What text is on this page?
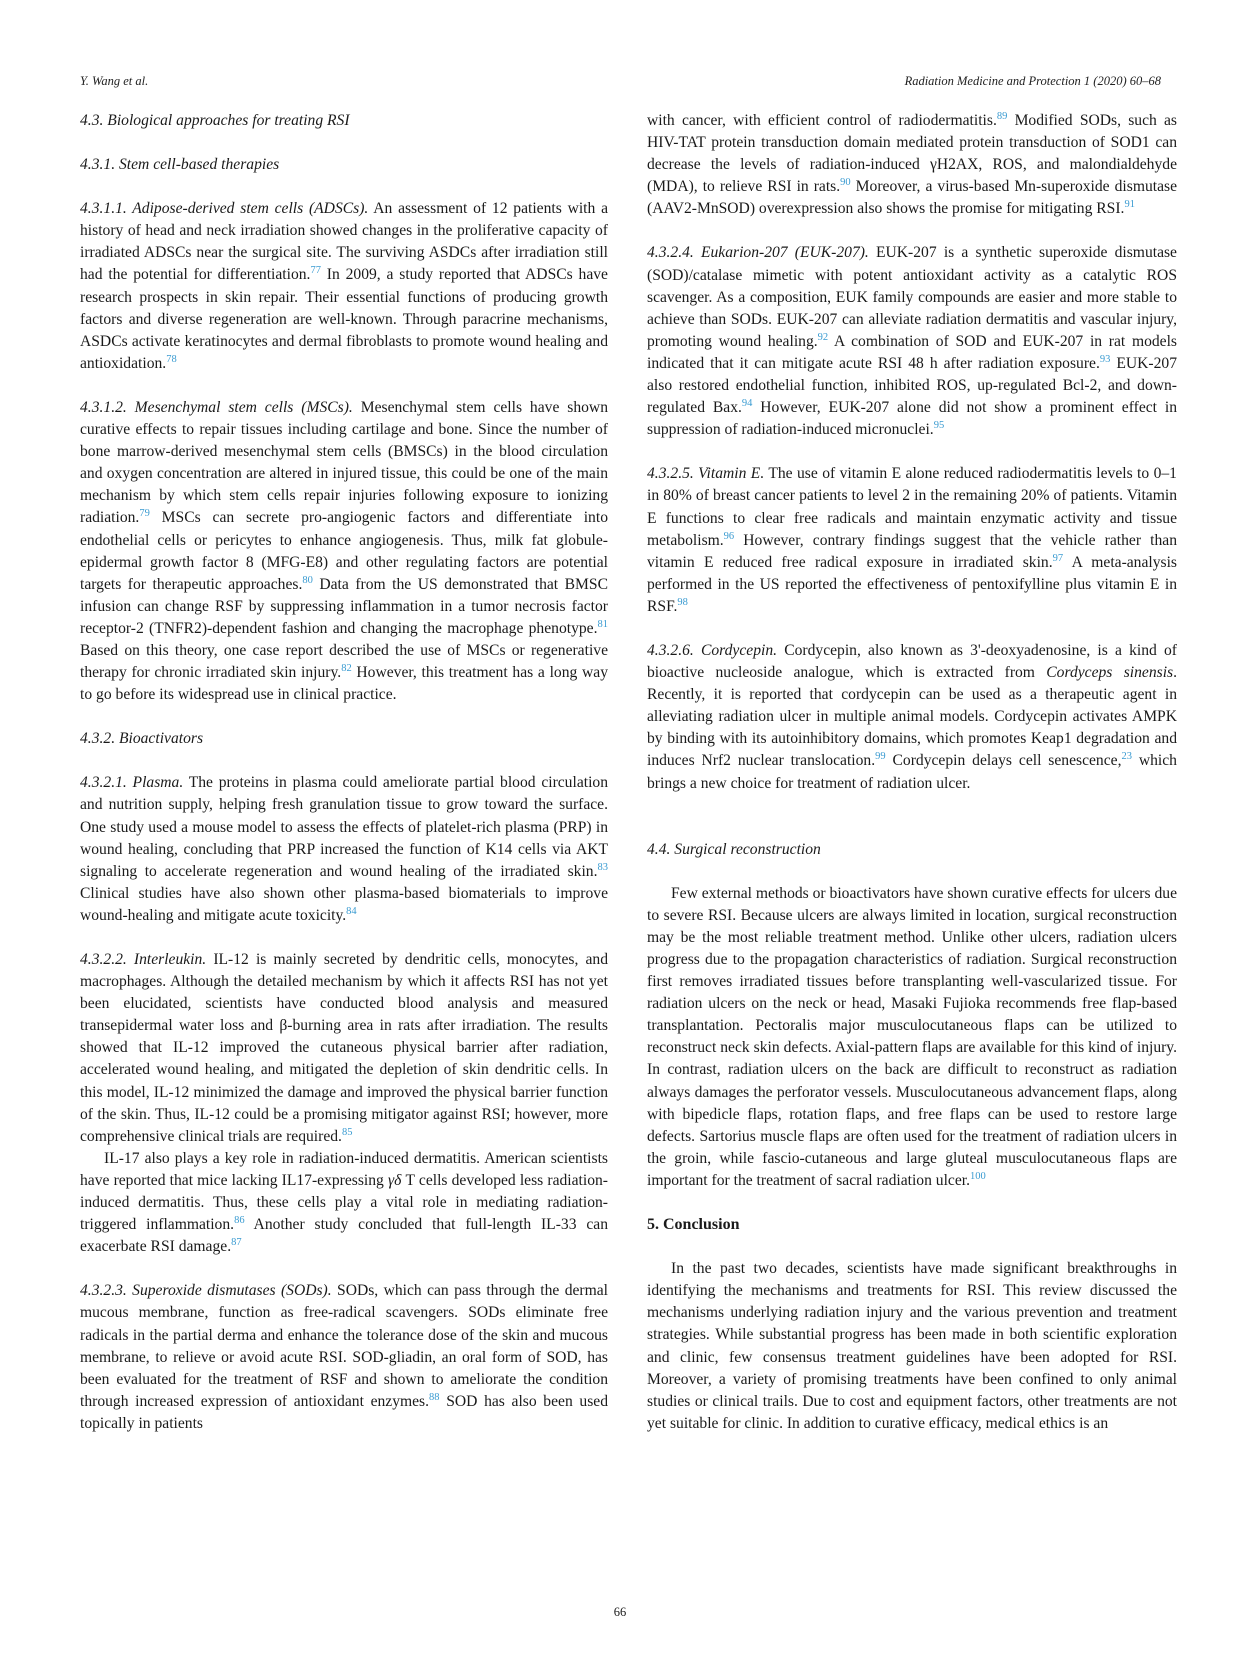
Y. Wang et al.	Radiation Medicine and Protection 1 (2020) 60–68
4.3. Biological approaches for treating RSI
4.3.1. Stem cell-based therapies

4.3.1.1. Adipose-derived stem cells (ADSCs). An assessment of 12 patients with a history of head and neck irradiation showed changes in the proliferative capacity of irradiated ADSCs near the surgical site. The surviving ASDCs after irradiation still had the potential for differentiation.$^{77}$ In 2009, a study reported that ADSCs have research prospects in skin repair. Their essential functions of producing growth factors and diverse regeneration are well-known. Through paracrine mechanisms, ASDCs activate keratinocytes and dermal fibroblasts to promote wound healing and antioxidation.$^{78}$

4.3.1.2. Mesenchymal stem cells (MSCs). Mesenchymal stem cells have shown curative effects to repair tissues including cartilage and bone. Since the number of bone marrow-derived mesenchymal stem cells (BMSCs) in the blood circulation and oxygen concentration are altered in injured tissue, this could be one of the main mechanism by which stem cells repair injuries following exposure to ionizing radiation.$^{79}$ MSCs can secrete pro-angiogenic factors and differentiate into endothelial cells or pericytes to enhance angiogenesis. Thus, milk fat globule-epidermal growth factor 8 (MFG-E8) and other regulating factors are potential targets for therapeutic approaches.$^{80}$ Data from the US demonstrated that BMSC infusion can change RSF by suppressing inflammation in a tumor necrosis factor receptor-2 (TNFR2)-dependent fashion and changing the macrophage phenotype.$^{81}$ Based on this theory, one case report described the use of MSCs or regenerative therapy for chronic irradiated skin injury.$^{82}$ However, this treatment has a long way to go before its widespread use in clinical practice.

4.3.2. Bioactivators

4.3.2.1. Plasma. The proteins in plasma could ameliorate partial blood circulation and nutrition supply, helping fresh granulation tissue to grow toward the surface. One study used a mouse model to assess the effects of platelet-rich plasma (PRP) in wound healing, concluding that PRP increased the function of K14 cells via AKT signaling to accelerate regeneration and wound healing of the irradiated skin.$^{83}$ Clinical studies have also shown other plasma-based biomaterials to improve wound-healing and mitigate acute toxicity.$^{84}$

4.3.2.2. Interleukin. IL-12 is mainly secreted by dendritic cells, monocytes, and macrophages. Although the detailed mechanism by which it affects RSI has not yet been elucidated, scientists have conducted blood analysis and measured transepidermal water loss and β-burning area in rats after irradiation. The results showed that IL-12 improved the cutaneous physical barrier after radiation, accelerated wound healing, and mitigated the depletion of skin dendritic cells. In this model, IL-12 minimized the damage and improved the physical barrier function of the skin. Thus, IL-12 could be a promising mitigator against RSI; however, more comprehensive clinical trials are required.$^{85}$

IL-17 also plays a key role in radiation-induced dermatitis. American scientists have reported that mice lacking IL17-expressing γδ T cells developed less radiation-induced dermatitis. Thus, these cells play a vital role in mediating radiation-triggered inflammation.$^{86}$ Another study concluded that full-length IL-33 can exacerbate RSI damage.$^{87}$

4.3.2.3. Superoxide dismutases (SODs). SODs, which can pass through the dermal mucous membrane, function as free-radical scavengers. SODs eliminate free radicals in the partial derma and enhance the tolerance dose of the skin and mucous membrane, to relieve or avoid acute RSI. SOD-gliadin, an oral form of SOD, has been evaluated for the treatment of RSF and shown to ameliorate the condition through increased expression of antioxidant enzymes.$^{88}$ SOD has also been used topically in patients

with cancer, with efficient control of radiodermatitis.$^{89}$ Modified SODs, such as HIV-TAT protein transduction domain mediated protein transduction of SOD1 can decrease the levels of radiation-induced γH2AX, ROS, and malondialdehyde (MDA), to relieve RSI in rats.$^{90}$ Moreover, a virus-based Mn-superoxide dismutase (AAV2-MnSOD) overexpression also shows the promise for mitigating RSI.$^{91}$

4.3.2.4. Eukarion-207 (EUK-207). EUK-207 is a synthetic superoxide dismutase (SOD)/catalase mimetic with potent antioxidant activity as a catalytic ROS scavenger. As a composition, EUK family compounds are easier and more stable to achieve than SODs. EUK-207 can alleviate radiation dermatitis and vascular injury, promoting wound healing.$^{92}$ A combination of SOD and EUK-207 in rat models indicated that it can mitigate acute RSI 48 h after radiation exposure.$^{93}$ EUK-207 also restored endothelial function, inhibited ROS, up-regulated Bcl-2, and down-regulated Bax.$^{94}$ However, EUK-207 alone did not show a prominent effect in suppression of radiation-induced micronuclei.$^{95}$

4.3.2.5. Vitamin E. The use of vitamin E alone reduced radiodermatitis levels to 0–1 in 80% of breast cancer patients to level 2 in the remaining 20% of patients. Vitamin E functions to clear free radicals and maintain enzymatic activity and tissue metabolism.$^{96}$ However, contrary findings suggest that the vehicle rather than vitamin E reduced free radical exposure in irradiated skin.$^{97}$ A meta-analysis performed in the US reported the effectiveness of pentoxifylline plus vitamin E in RSF.$^{98}$

4.3.2.6. Cordycepin. Cordycepin, also known as 3'-deoxyadenosine, is a kind of bioactive nucleoside analogue, which is extracted from Cordyceps sinensis. Recently, it is reported that cordycepin can be used as a therapeutic agent in alleviating radiation ulcer in multiple animal models. Cordycepin activates AMPK by binding with its autoinhibitory domains, which promotes Keap1 degradation and induces Nrf2 nuclear translocation.$^{99}$ Cordycepin delays cell senescence,$^{23}$ which brings a new choice for treatment of radiation ulcer.

4.4. Surgical reconstruction

Few external methods or bioactivators have shown curative effects for ulcers due to severe RSI. Because ulcers are always limited in location, surgical reconstruction may be the most reliable treatment method. Unlike other ulcers, radiation ulcers progress due to the propagation characteristics of radiation. Surgical reconstruction first removes irradiated tissues before transplanting well-vascularized tissue. For radiation ulcers on the neck or head, Masaki Fujioka recommends free flap-based transplantation. Pectoralis major musculocutaneous flaps can be utilized to reconstruct neck skin defects. Axial-pattern flaps are available for this kind of injury. In contrast, radiation ulcers on the back are difficult to reconstruct as radiation always damages the perforator vessels. Musculocutaneous advancement flaps, along with bipedicle flaps, rotation flaps, and free flaps can be used to restore large defects. Sartorius muscle flaps are often used for the treatment of radiation ulcers in the groin, while fascio-cutaneous and large gluteal musculocutaneous flaps are important for the treatment of sacral radiation ulcer.$^{100}$

5. Conclusion

In the past two decades, scientists have made significant breakthroughs in identifying the mechanisms and treatments for RSI. This review discussed the mechanisms underlying radiation injury and the various prevention and treatment strategies. While substantial progress has been made in both scientific exploration and clinic, few consensus treatment guidelines have been adopted for RSI. Moreover, a variety of promising treatments have been confined to only animal studies or clinical trails. Due to cost and equipment factors, other treatments are not yet suitable for clinic. In addition to curative efficacy, medical ethics is an

66
